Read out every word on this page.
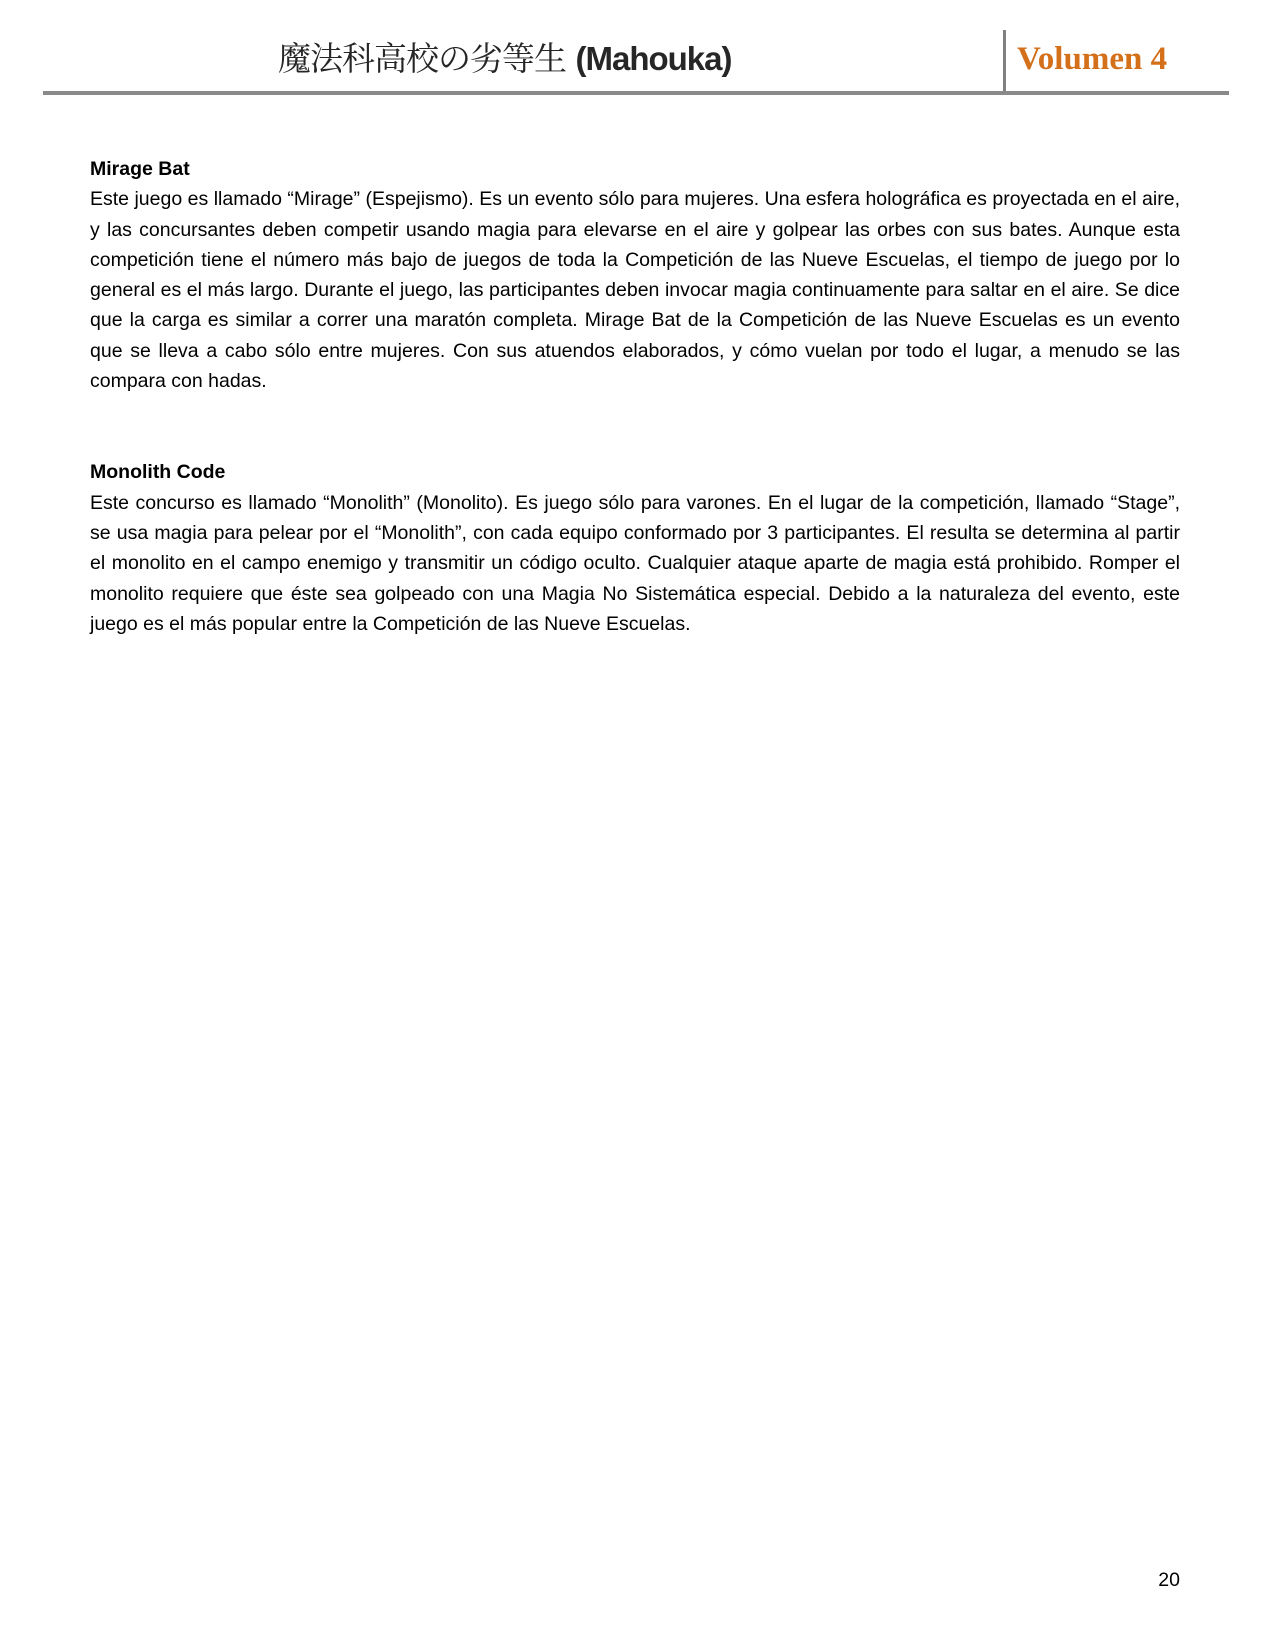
魔法科高校の劣等生 (Mahouka)	Volumen 4

Mirage Bat

Este juego es llamado “Mirage” (Espejismo). Es un evento sólo para mujeres. Una esfera holográfica es proyectada en el aire, y las concursantes deben competir usando magia para elevarse en el aire y golpear las orbes con sus bates. Aunque esta competición tiene el número más bajo de juegos de toda la Competición de las Nueve Escuelas, el tiempo de juego por lo general es el más largo. Durante el juego, las participantes deben invocar magia continuamente para saltar en el aire. Se dice que la carga es similar a correr una maratón completa. Mirage Bat de la Competición de las Nueve Escuelas es un evento que se lleva a cabo sólo entre mujeres. Con sus atuendos elaborados, y cómo vuelan por todo el lugar, a menudo se las compara con hadas.

Monolith Code

Este concurso es llamado “Monolith” (Monolito). Es juego sólo para varones. En el lugar de la competición, llamado “Stage”, se usa magia para pelear por el “Monolith”, con cada equipo conformado por 3 participantes. El resulta se determina al partir el monolito en el campo enemigo y transmitir un código oculto. Cualquier ataque aparte de magia está prohibido. Romper el monolito requiere que éste sea golpeado con una Magia No Sistemática especial. Debido a la naturaleza del evento, este juego es el más popular entre la Competición de las Nueve Escuelas.

20
